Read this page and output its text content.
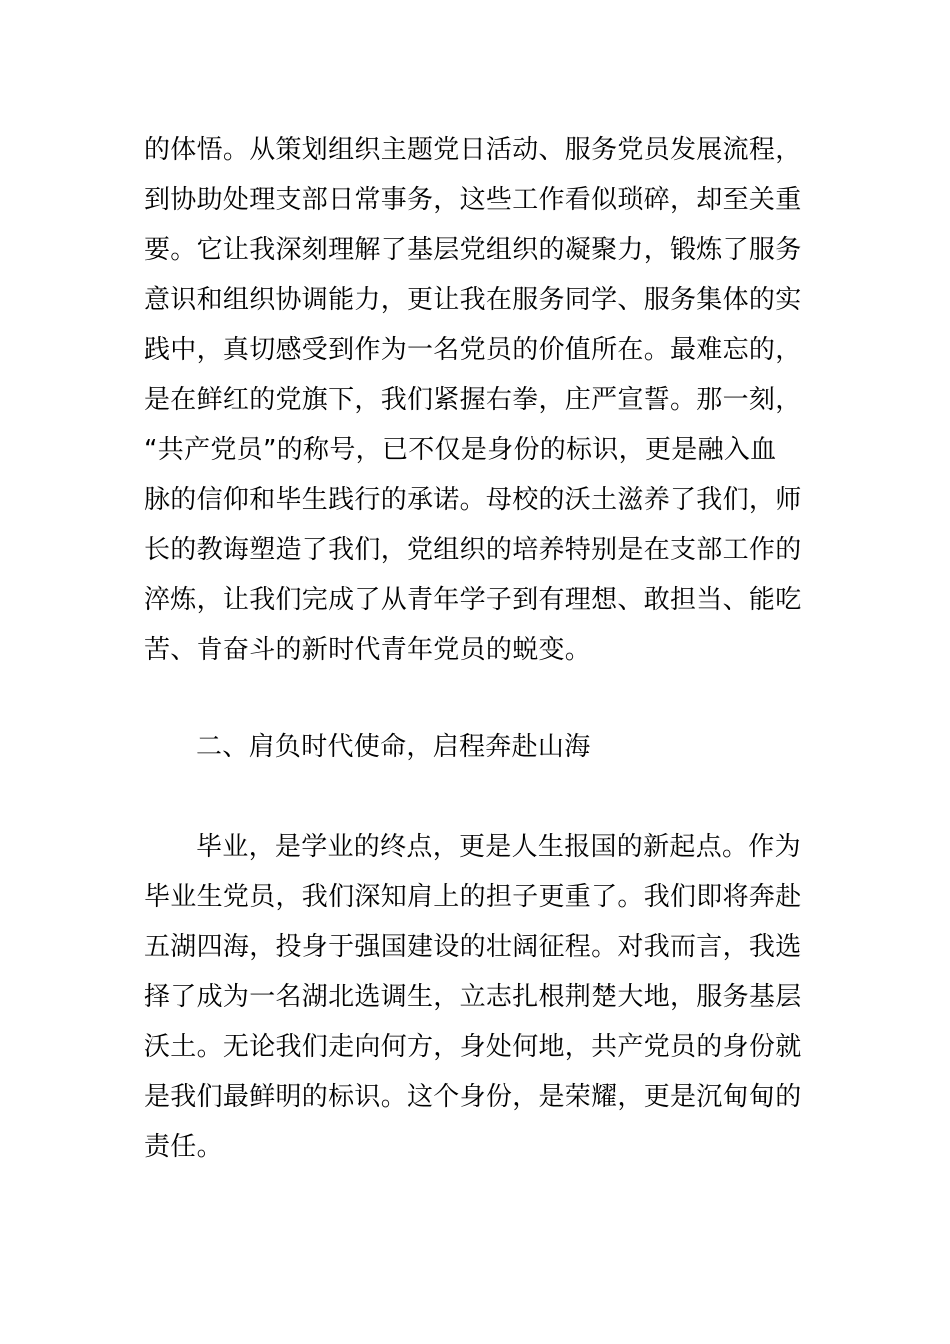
的体悟。从策划组织主题党日活动、服务党员发展流程，
到协助处理支部日常事务，这些工作看似琐碎，却至关重
要。它让我深刻理解了基层党组织的凝聚力，锻炼了服务
意识和组织协调能力，更让我在服务同学、服务集体的实
践中，真切感受到作为一名党员的价值所在。最难忘的，
是在鲜红的党旗下，我们紧握右拳，庄严宣誓。那一刻，
“共产党员”的称号，已不仅是身份的标识，更是融入血
脉的信仰和毕生践行的承诺。母校的沃土滋养了我们，师
长的教诲塑造了我们，党组织的培养特别是在支部工作的
淬炼，让我们完成了从青年学子到有理想、敢担当、能吃
苦、肯奋斗的新时代青年党员的蜕变。
二、肩负时代使命，启程奔赴山海
毕业，是学业的终点，更是人生报国的新起点。作为
毕业生党员，我们深知肩上的担子更重了。我们即将奔赴
五湖四海，投身于强国建设的壮阔征程。对我而言，我选
择了成为一名湖北选调生，立志扎根荆楚大地，服务基层
沃土。无论我们走向何方，身处何地，共产党员的身份就
是我们最鲜明的标识。这个身份，是荣耀，更是沉甸甸的
责任。
